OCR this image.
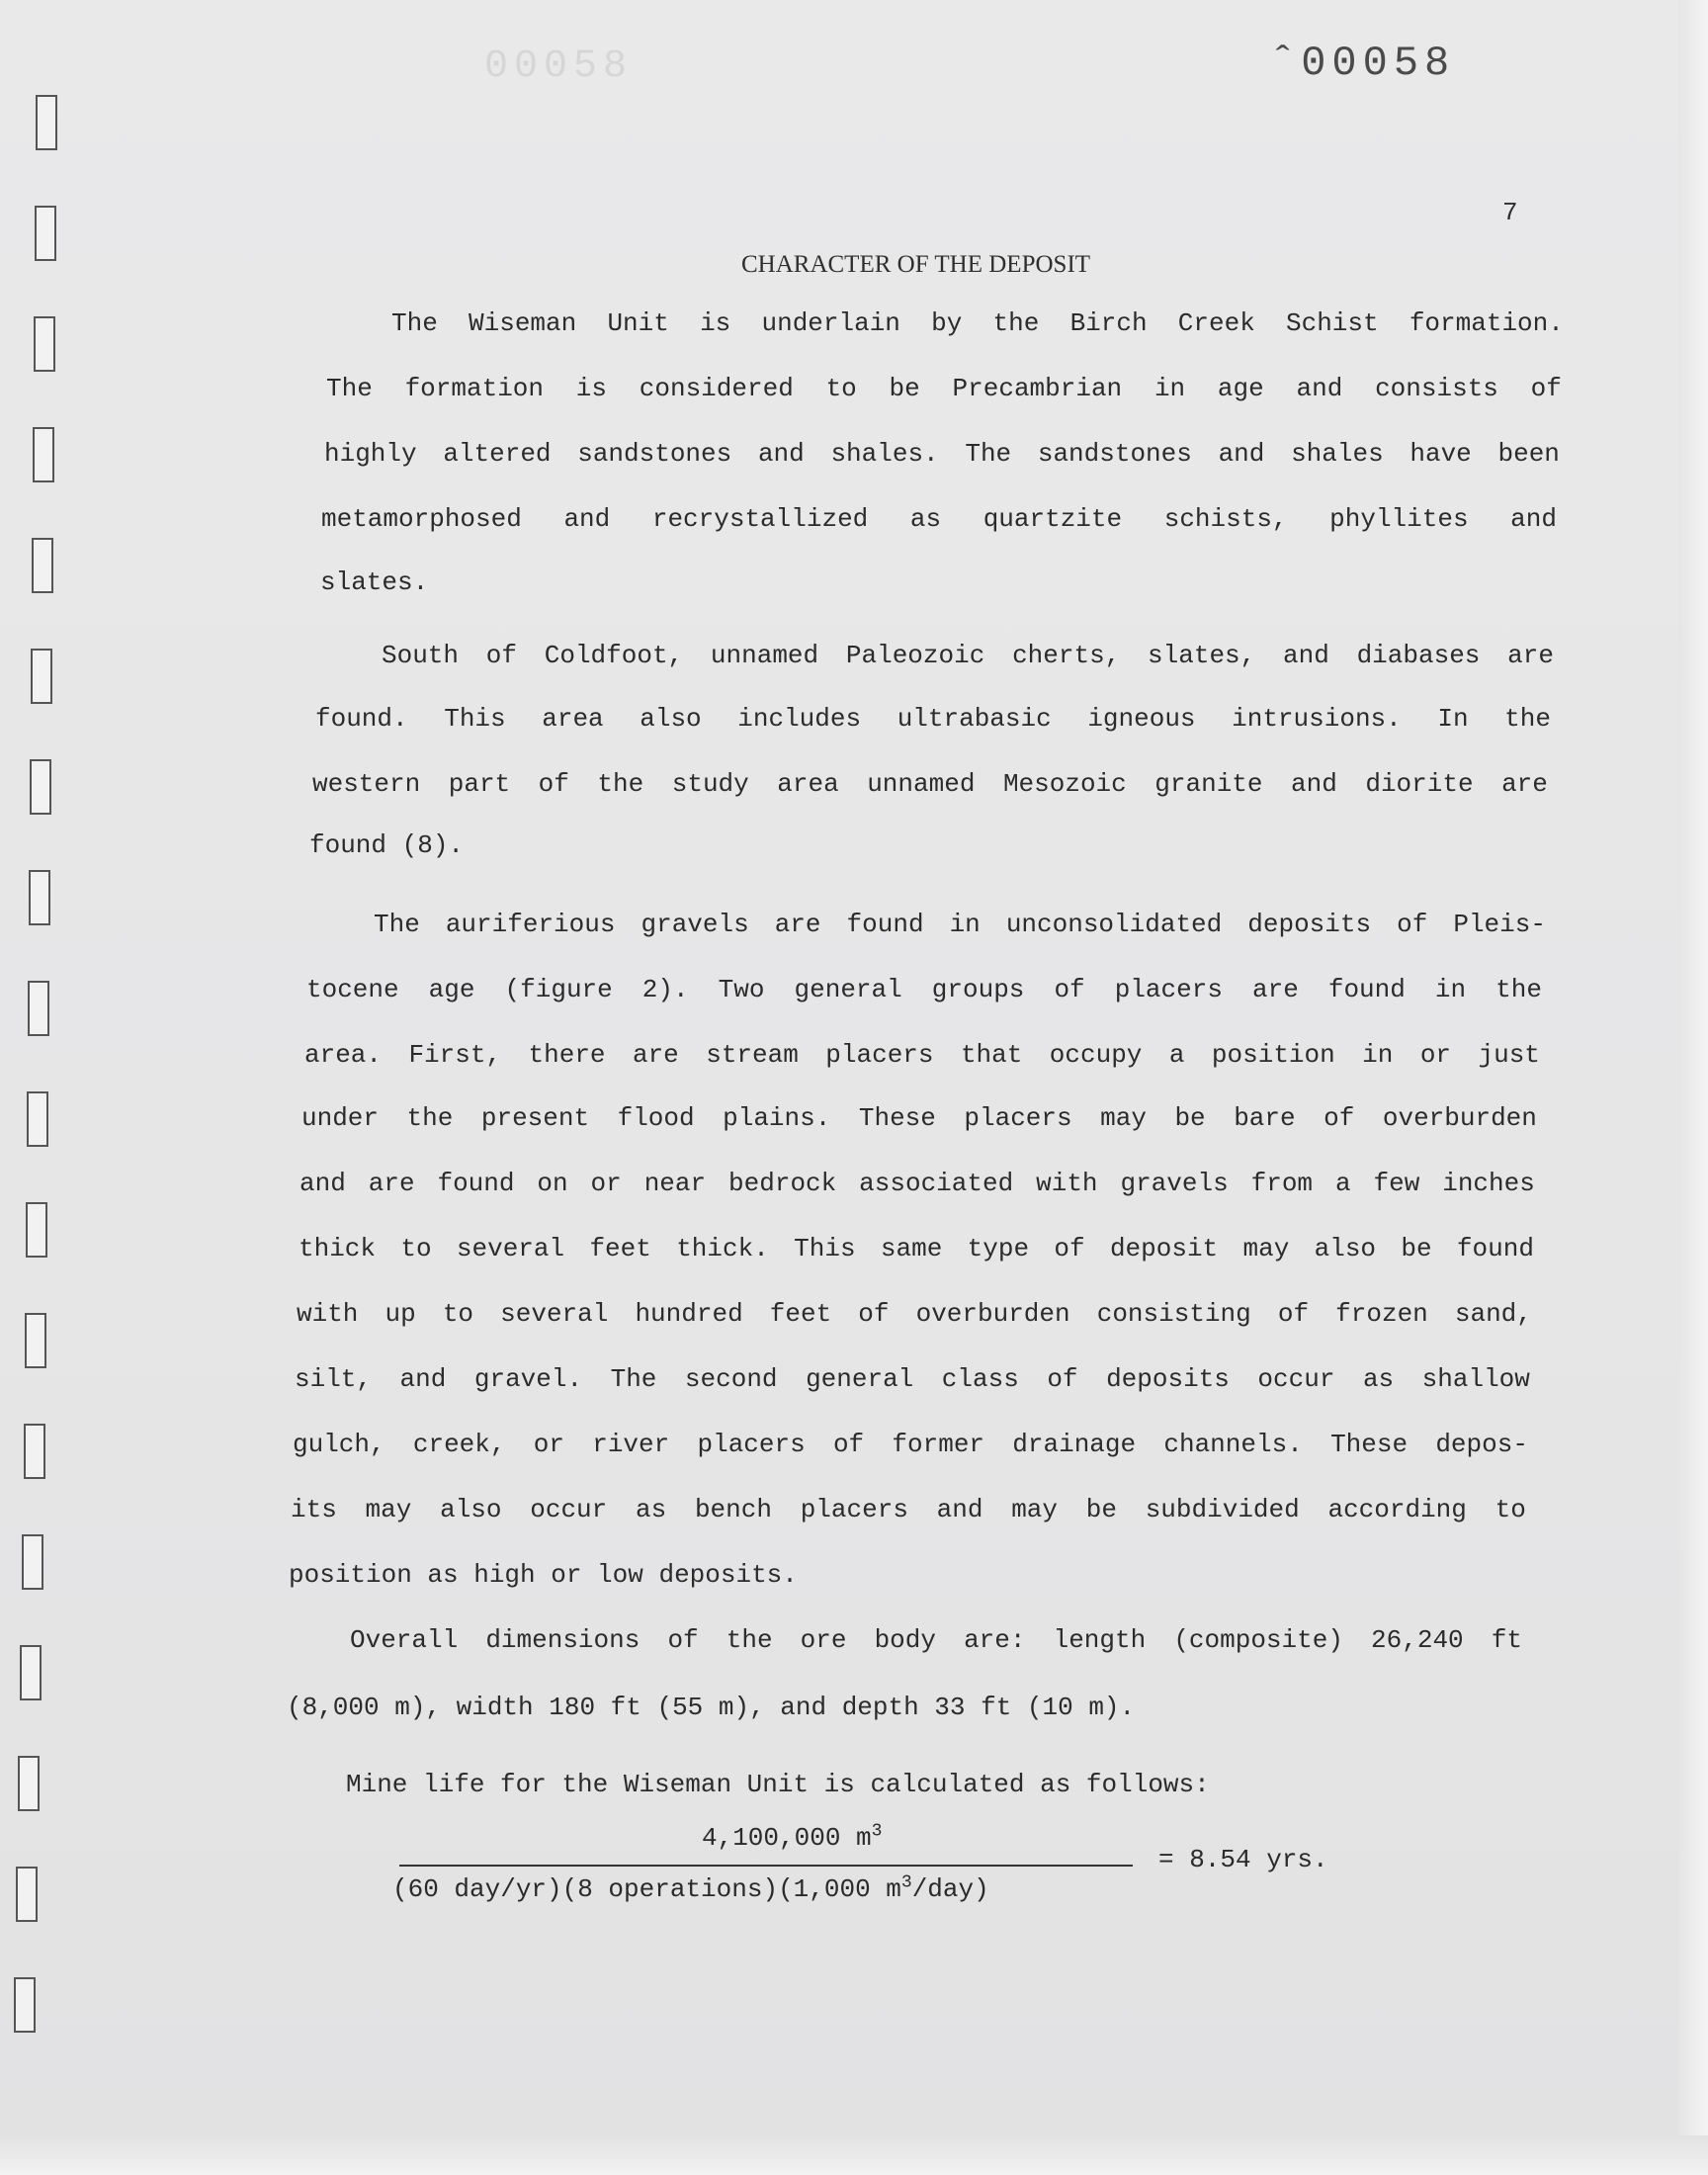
00058	ˆ00058
7
CHARACTER OF THE DEPOSIT
The Wiseman Unit is underlain by the Birch Creek Schist formation.
The formation is considered to be Precambrian in age and consists of
highly altered sandstones and shales. The sandstones and shales have been
metamorphosed and recrystallized as quartzite schists, phyllites and
slates.
South of Coldfoot, unnamed Paleozoic cherts, slates, and diabases are
found. This area also includes ultrabasic igneous intrusions. In the
western part of the study area unnamed Mesozoic granite and diorite are
found (8).
The auriferious gravels are found in unconsolidated deposits of Pleis-
tocene age (figure 2). Two general groups of placers are found in the
area. First, there are stream placers that occupy a position in or just
under the present flood plains. These placers may be bare of overburden
and are found on or near bedrock associated with gravels from a few inches
thick to several feet thick. This same type of deposit may also be found
with up to several hundred feet of overburden consisting of frozen sand,
silt, and gravel. The second general class of deposits occur as shallow
gulch, creek, or river placers of former drainage channels. These depos-
its may also occur as bench placers and may be subdivided according to
position as high or low deposits.
Overall dimensions of the ore body are: length (composite) 26,240 ft
(8,000 m), width 180 ft (55 m), and depth 33 ft (10 m).
Mine life for the Wiseman Unit is calculated as follows:
4,100,000 $m^3$
(60 day/yr)(8 operations)(1,000 $m^3/day$)
= 8.54 yrs.
